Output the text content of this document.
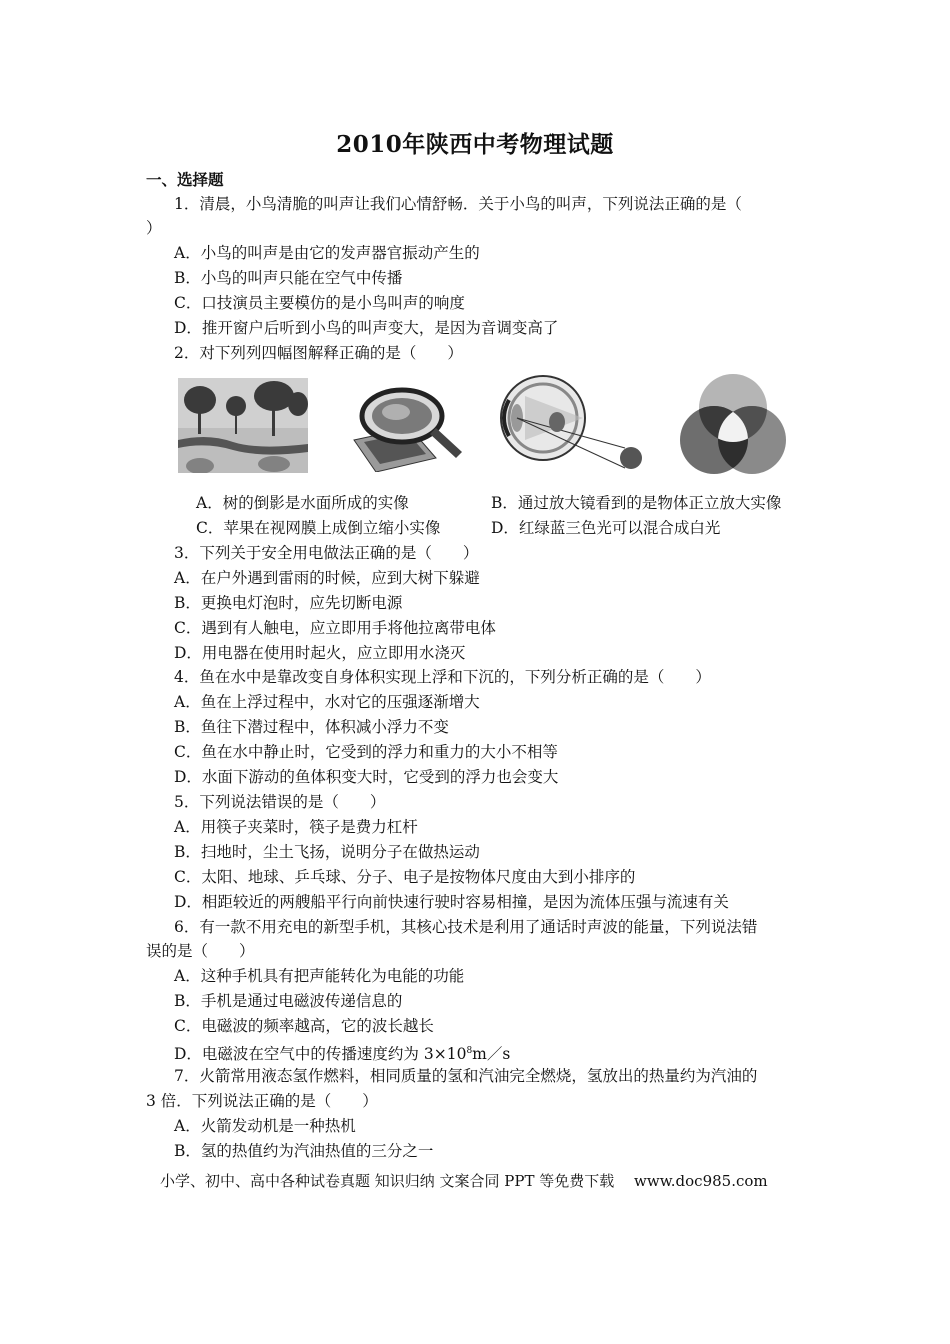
2010年陕西中考物理试题
一、选择题
1．清晨，小鸟清脆的叫声让我们心情舒畅．关于小鸟的叫声，下列说法正确的是（
）
A．小鸟的叫声是由它的发声器官振动产生的
B．小鸟的叫声只能在空气中传播
C．口技演员主要模仿的是小鸟叫声的响度
D．推开窗户后听到小鸟的叫声变大，是因为音调变高了
2．对下列列四幅图解释正确的是（　　）
A．树的倒影是水面所成的实像	B．通过放大镜看到的是物体正立放大实像
C．苹果在视网膜上成倒立缩小实像	D．红绿蓝三色光可以混合成白光
3．下列关于安全用电做法正确的是（　　）
A．在户外遇到雷雨的时候，应到大树下躲避
B．更换电灯泡时，应先切断电源
C．遇到有人触电，应立即用手将他拉离带电体
D．用电器在使用时起火，应立即用水浇灭
4．鱼在水中是靠改变自身体积实现上浮和下沉的，下列分析正确的是（　　）
A．鱼在上浮过程中，水对它的压强逐渐增大
B．鱼往下潜过程中，体积减小浮力不变
C．鱼在水中静止时，它受到的浮力和重力的大小不相等
D．水面下游动的鱼体积变大时，它受到的浮力也会变大
5．下列说法错误的是（　　）
A．用筷子夹菜时，筷子是费力杠杆
B．扫地时，尘土飞扬，说明分子在做热运动
C．太阳、地球、乒乓球、分子、电子是按物体尺度由大到小排序的
D．相距较近的两艘船平行向前快速行驶时容易相撞，是因为流体压强与流速有关
6．有一款不用充电的新型手机，其核心技术是利用了通话时声波的能量，下列说法错
误的是（　　）
A．这种手机具有把声能转化为电能的功能
B．手机是通过电磁波传递信息的
C．电磁波的频率越高，它的波长越长
D．电磁波在空气中的传播速度约为 $3\times 10^8m/s$
7．火箭常用液态氢作燃料，相同质量的氢和汽油完全燃烧，氢放出的热量约为汽油的
3 倍．下列说法正确的是（　　）
A．火箭发动机是一种热机
B．氢的热值约为汽油热值的三分之一
小学、初中、高中各种试卷真题 知识归纳 文案合同 PPT 等免费下载　 www.doc985.com
